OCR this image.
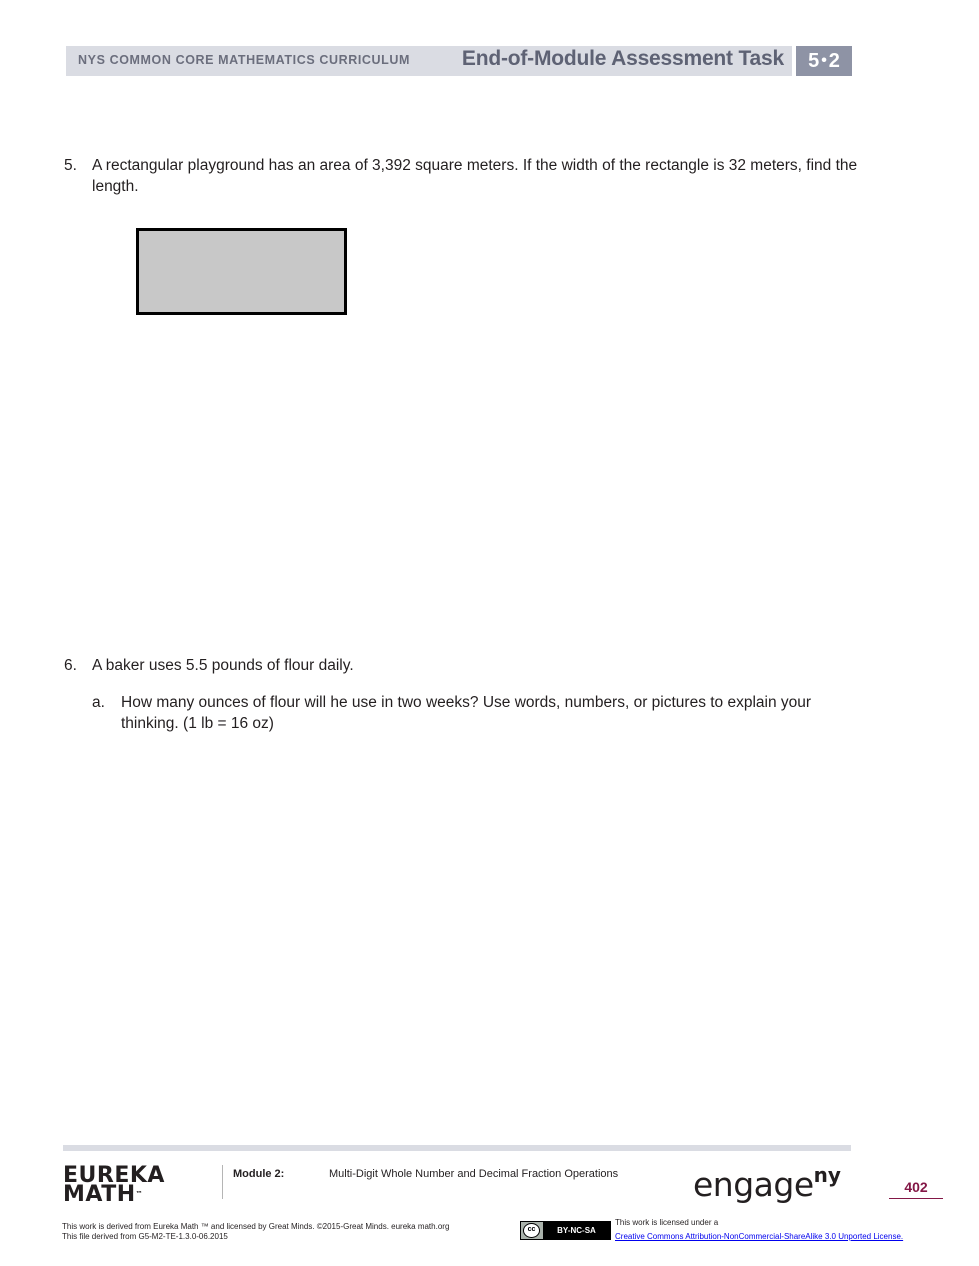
NYS COMMON CORE MATHEMATICS CURRICULUM End-of-Module Assessment Task	5 • 2
5. A rectangular playground has an area of 3,392 square meters. If the width of the rectangle is 32 meters, find the length.
6. A baker uses 5.5 pounds of flour daily.
a. How many ounces of flour will he use in two weeks? Use words, numbers, or pictures to explain your thinking. (1 lb = 16 oz)
EUREKA
MATH™
Module 2:	Multi-Digit Whole Number and Decimal Fraction Operations engage$^{ny}$	402
This work is derived from Eureka Math ™ and licensed by Great Minds. ©2015-Great Minds. eureka math.org
This file derived from G5-M2-TE-1.3.0-06.2015
cc	BY-NC-SA
This work is licensed under a
Creative Commons Attribution-NonCommercial-ShareAlike 3.0 Unported License.
